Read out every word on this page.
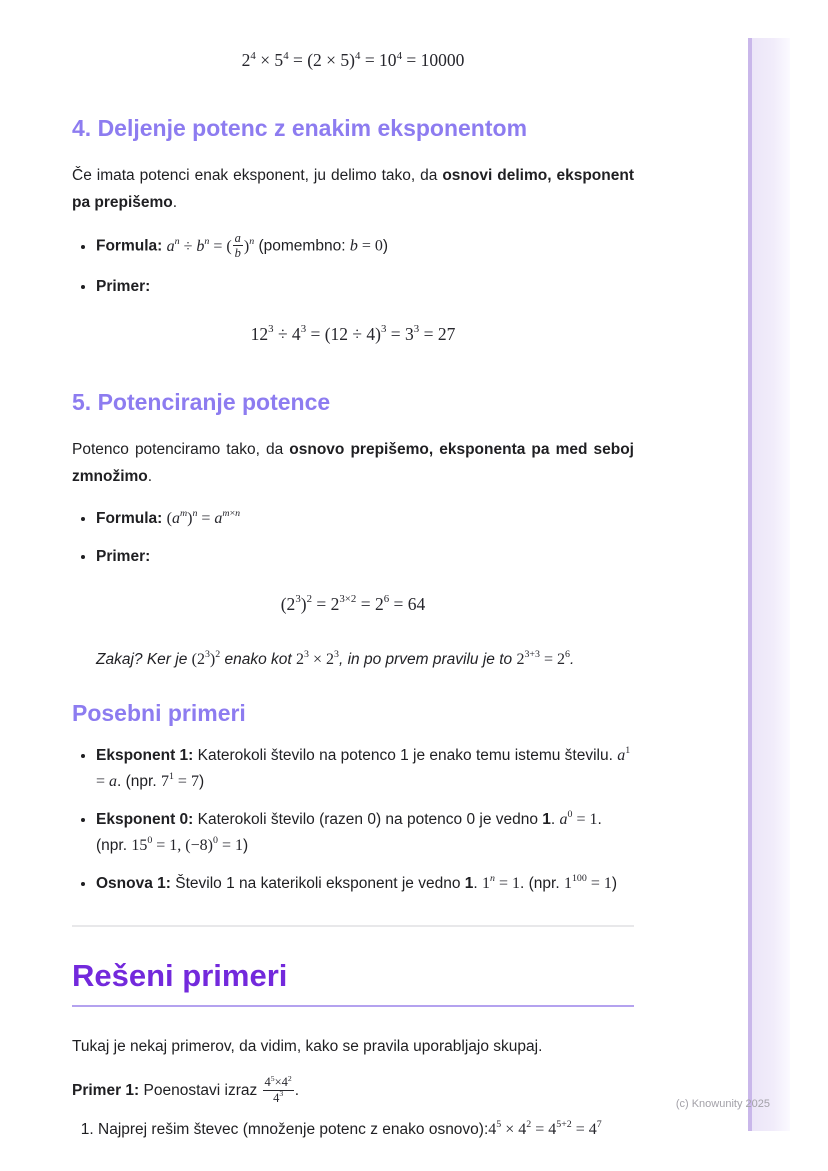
$2^4 \times 5^4 = (2 \times 5)^4 = 10^4 = 10000$
4. Deljenje potenc z enakim eksponentom

Če imata potenci enak eksponent, ju delimo tako, da osnovi delimo, eksponent pa prepišemo.

• Formula: $a^n \div b^n$ = ( $\frac{a}{b} )^n$ (pomembno: b = 0)
• Primer:
$12^3 \div 4^3 = (12 \div 4)^3 = 3^3 = 27$
5. Potenciranje potence

Potenco potenciramo tako, da osnovo prepišemo, eksponenta pa med seboj zmnožimo.

• Formula: $(a^m)^n = a^{m\times n}$
• Primer:
$(2^3)^2 = 2^{3\times 2} = 2^6 = 64$

Zakaj? Ker je $(2^3)^2$ enako kot $2^3 \times 2^3$, in po prvem pravilu je to $2^{3+3} = 2^6$.

Posebni primeri
• Eksponent 1: Katerokoli število na potenco 1 je enako temu istemu številu. $a^1 = a$. (npr. $7^1 = 7$)
• Eksponent 0: Katerokoli število (razen 0) na potenco 0 je vedno 1. $a^0 = 1$. (npr. $15^0 = 1$, $(-8)^0 = 1$)
• Osnova 1: Število 1 na katerikoli eksponent je vedno 1. $1^n = 1$. (npr. $1^{100} = 1$)
Rešeni primeri

Tukaj je nekaj primerov, da vidim, kako se pravila uporabljajo skupaj.

Primer 1: Poenostavi izraz $\frac{4^5\times 4^2}{4^3}$ .

1. Najprej rešim števec (množenje potenc z enako $osnovo):4^5 \times 4^2 = 4^{5+2} = 4^7$
(c) Knowunity 2025
